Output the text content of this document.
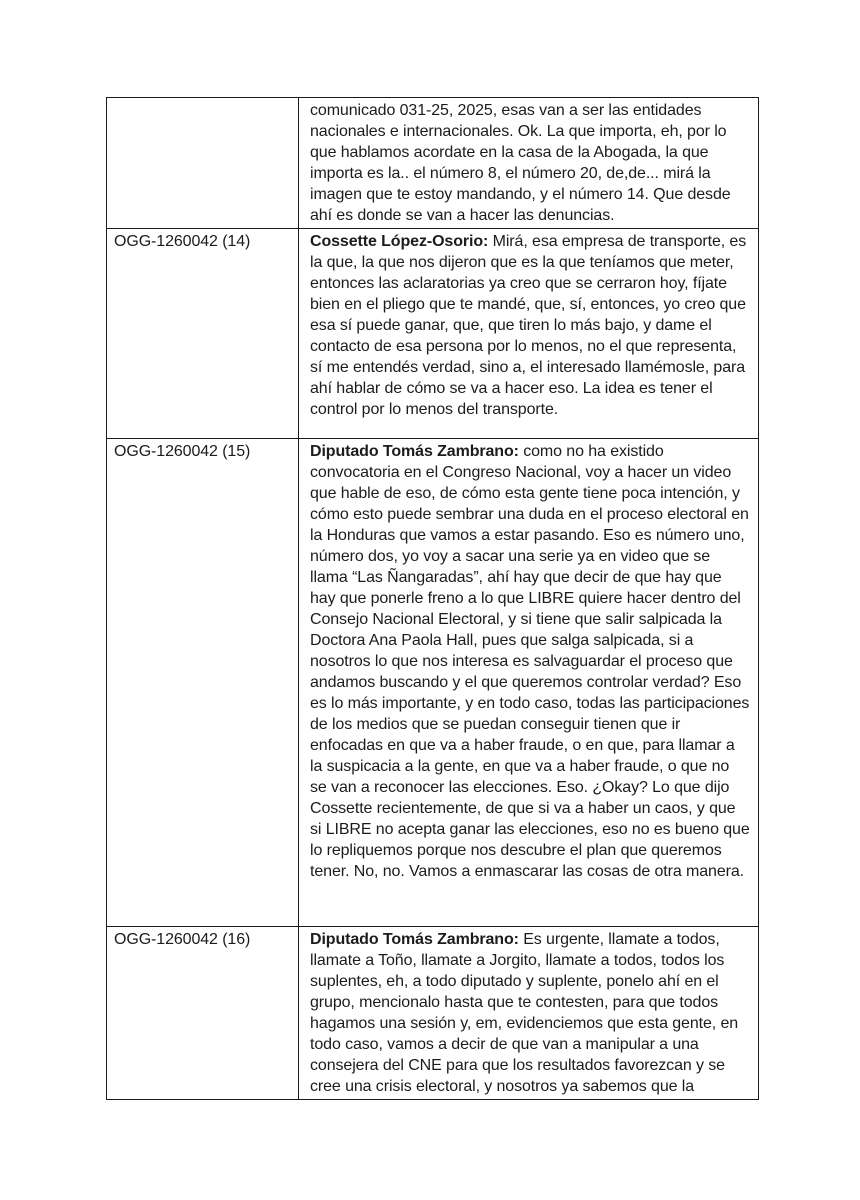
	comunicado 031-25, 2025, esas van a ser las entidades nacionales e internacionales. Ok. La que importa, eh, por lo que hablamos acordate en la casa de la Abogada, la que importa es la.. el número 8, el número 20, de,de... mirá la imagen que te estoy mandando, y el número 14. Que desde ahí es donde se van a hacer las denuncias.
OGG-1260042 (14)	Cossette López-Osorio: Mirá, esa empresa de transporte, es la que, la que nos dijeron que es la que teníamos que meter, entonces las aclaratorias ya creo que se cerraron hoy, fíjate bien en el pliego que te mandé, que, sí, entonces, yo creo que esa sí puede ganar, que, que tiren lo más bajo, y dame el contacto de esa persona por lo menos, no el que representa, sí me entendés verdad, sino a, el interesado llamémosle, para ahí hablar de cómo se va a hacer eso. La idea es tener el control por lo menos del transporte.
OGG-1260042 (15)	Diputado Tomás Zambrano: como no ha existido convocatoria en el Congreso Nacional, voy a hacer un video que hable de eso, de cómo esta gente tiene poca intención, y cómo esto puede sembrar una duda en el proceso electoral en la Honduras que vamos a estar pasando. Eso es número uno, número dos, yo voy a sacar una serie ya en video que se llama “Las Ñangaradas”, ahí hay que decir de que hay que hay que ponerle freno a lo que LIBRE quiere hacer dentro del Consejo Nacional Electoral, y si tiene que salir salpicada la Doctora Ana Paola Hall, pues que salga salpicada, si a nosotros lo que nos interesa es salvaguardar el proceso que andamos buscando y el que queremos controlar verdad? Eso es lo más importante, y en todo caso, todas las participaciones de los medios que se puedan conseguir tienen que ir enfocadas en que va a haber fraude, o en que, para llamar a la suspicacia a la gente, en que va a haber fraude, o que no se van a reconocer las elecciones. Eso. ¿Okay? Lo que dijo Cossette recientemente, de que si va a haber un caos, y que si LIBRE no acepta ganar las elecciones, eso no es bueno que lo repliquemos porque nos descubre el plan que queremos tener. No, no. Vamos a enmascarar las cosas de otra manera.
OGG-1260042 (16)	Diputado Tomás Zambrano: Es urgente, llamate a todos, llamate a Toño, llamate a Jorgito, llamate a todos, todos los suplentes, eh, a todo diputado y suplente, ponelo ahí en el grupo, mencionalo hasta que te contesten, para que todos hagamos una sesión y, em, evidenciemos que esta gente, en todo caso, vamos a decir de que van a manipular a una consejera del CNE para que los resultados favorezcan y se cree una crisis electoral, y nosotros ya sabemos que la
